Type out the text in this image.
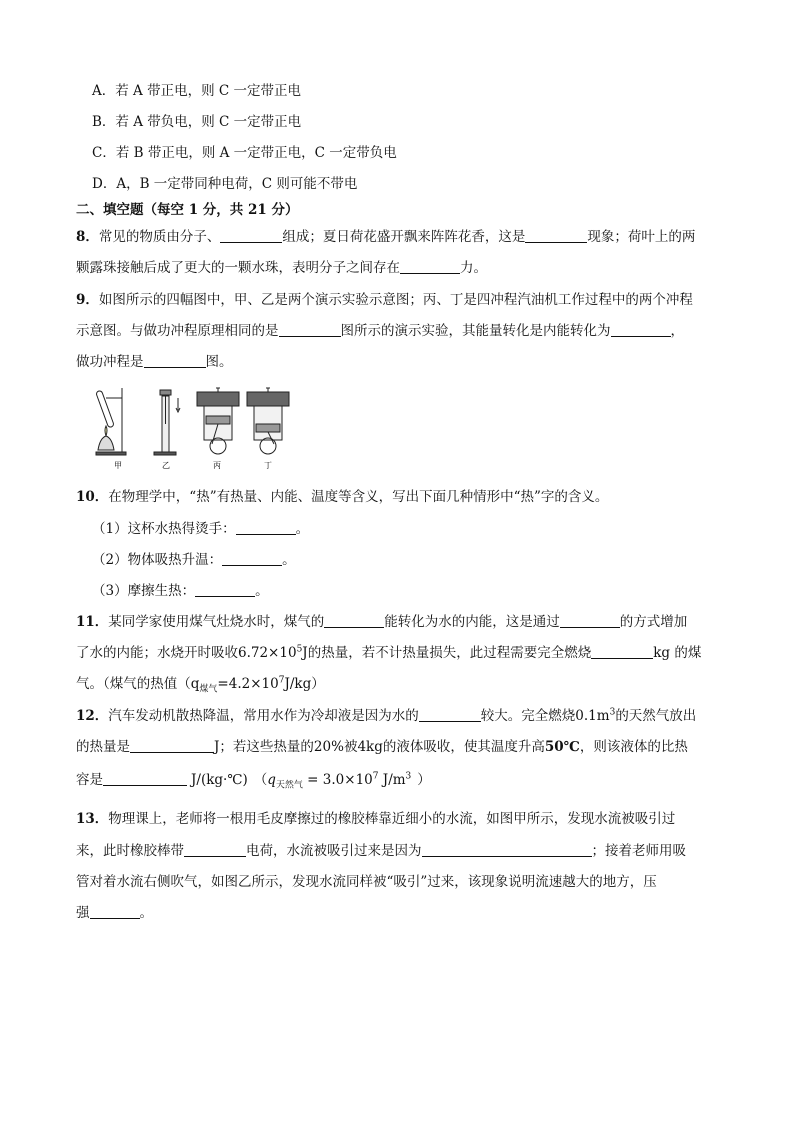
A．若 A 带正电，则 C 一定带正电
B．若 A 带负电，则 C 一定带正电
C．若 B 带正电，则 A 一定带正电，C 一定带负电
D．A，B 一定带同种电荷，C 则可能不带电
二、填空题（每空 1 分，共 21 分）
8．常见的物质由分子、	组成；夏日荷花盛开飘来阵阵花香，这是	现象；荷叶上的两
颗露珠接触后成了更大的一颗水珠，表明分子之间存在	力。
9．如图所示的四幅图中，甲、乙是两个演示实验示意图；丙、丁是四冲程汽油机工作过程中的两个冲程
示意图。与做功冲程原理相同的是	图所示的演示实验，其能量转化是内能转化为	，
做功冲程是	图。
甲	乙	丙	丁
10．在物理学中，“热”有热量、内能、温度等含义，写出下面几种情形中“热”字的含义。
（1）这杯水热得烫手：	。
（2）物体吸热升温：	。
（3）摩擦生热：	。
11．某同学家使用煤气灶烧水时，煤气的	能转化为水的内能，这是通过	的方式增加
了水的内能；水烧开时吸收$6.72\times 10^5J$的热量，若不计热量损失，此过程需要完全燃烧	kg 的煤
气。（煤气的热值$(q_{煤气}=4.2\times 10^7J/kg)$
12．汽车发动机散热降温，常用水作为冷却液是因为水的	较大。完全燃烧$0.1m^3$的天然气放出
的热量是	J；若这些热量的20%被4kg的液体吸收，使其温度升高50℃，则该液体的比热
容是	J/(kg·℃) （$q_{天然气} = 3.0\times 10^7$ $J/m^3$ ）
13．物理课上，老师将一根用毛皮摩擦过的橡胶棒靠近细小的水流，如图甲所示，发现水流被吸引过
来，此时橡胶棒带	电荷，水流被吸引过来是因为	；接着老师用吸
管对着水流右侧吹气，如图乙所示，发现水流同样被“吸引”过来，该现象说明流速越大的地方，压
强	。
